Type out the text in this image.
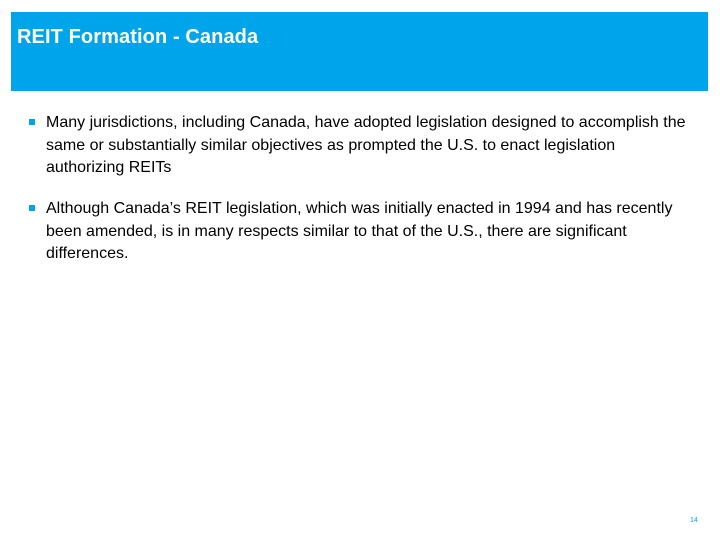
REIT Formation - Canada
Many jurisdictions, including Canada, have adopted legislation designed to accomplish the same or substantially similar objectives as prompted the U.S. to enact legislation authorizing REITs
Although Canada’s REIT legislation, which was initially enacted in 1994 and has recently been amended, is in many respects similar to that of the U.S., there are significant differences.
14
